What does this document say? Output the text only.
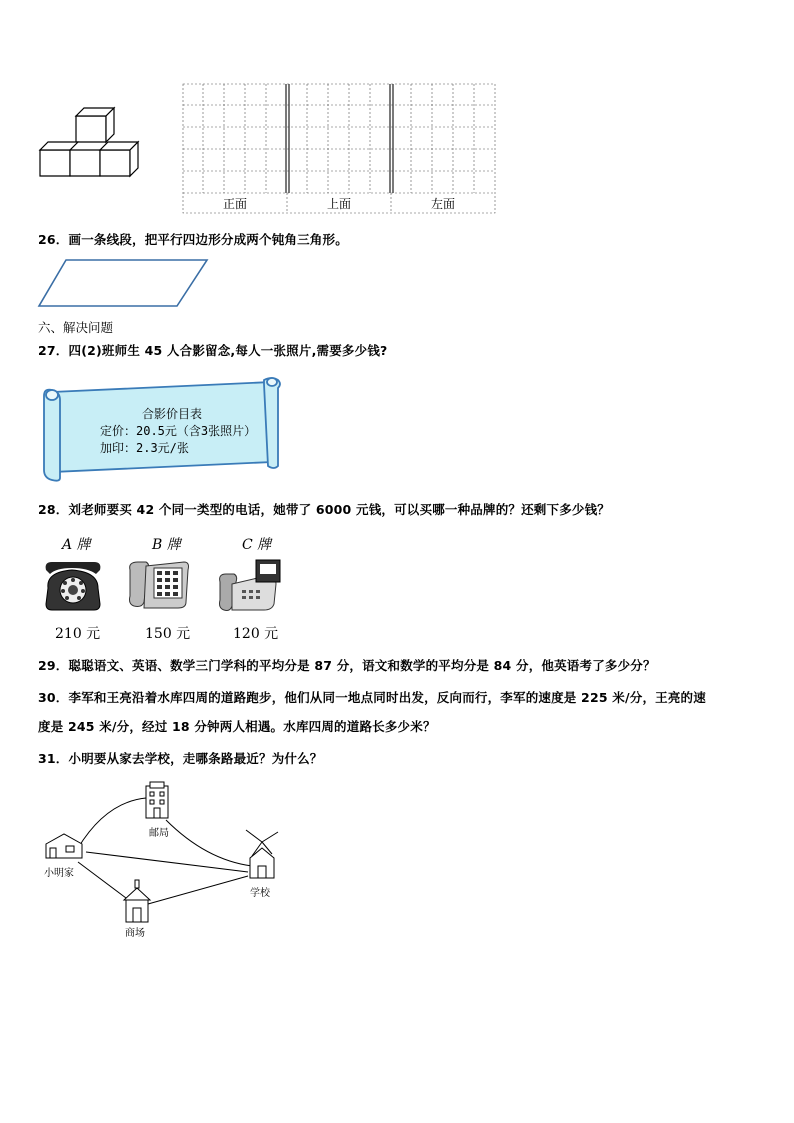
正面	上面	左面
26．画一条线段，把平行四边形分成两个钝角三角形。
六、解决问题
27．四(2)班师生 45 人合影留念,每人一张照片,需要多少钱?
合影价目表
定价：20.5元（含3张照片）
加印：2.3元/张
28．刘老师要买 42 个同一类型的电话，她带了 6000 元钱，可以买哪一种品牌的？还剩下多少钱？
A 牌	B 牌	C 牌
210 元	150 元	120 元
29．聪聪语文、英语、数学三门学科的平均分是 87 分，语文和数学的平均分是 84 分，他英语考了多少分？
30．李军和王亮沿着水库四周的道路跑步，他们从同一地点同时出发，反向而行，李军的速度是 225 米/分，王亮的速
度是 245 米/分，经过 18 分钟两人相遇。水库四周的道路长多少米？
31．小明要从家去学校，走哪条路最近？为什么？
邮局
小明家
学校
商场
